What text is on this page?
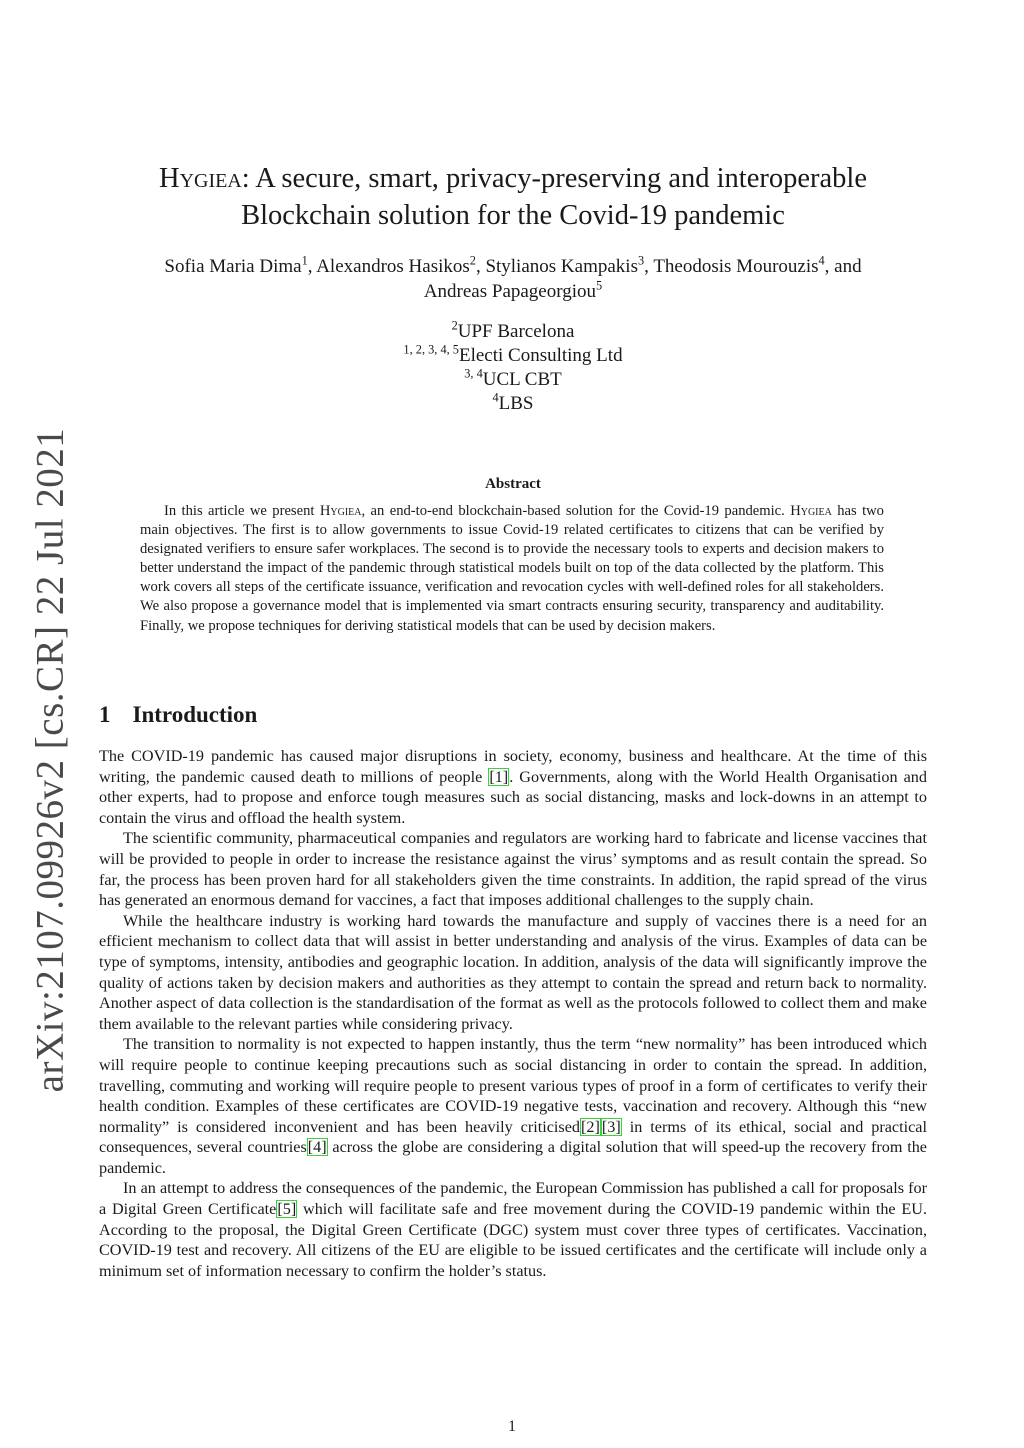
arXiv:2107.09926v2 [cs.CR] 22 Jul 2021
Hygiea: A secure, smart, privacy-preserving and interoperable
Blockchain solution for the Covid-19 pandemic
Sofia Maria Dima$^1$, Alexandros Hasikos$^2$, Stylianos Kampakis$^3$, Theodosis Mourouzis$^4$, and
Andreas Papageorgiou$^5$
$^2$UPF Barcelona
$^{1, 2, 3, 4, 5}$Electi Consulting Ltd
$^{3, 4}$UCL CBT
$^4$LBS
Abstract

In this article we present Hygiea, an end-to-end blockchain-based solution for the Covid-19 pandemic. Hygiea has two main objectives. The first is to allow governments to issue Covid-19 related certificates to citizens that can be verified by designated verifiers to ensure safer workplaces. The second is to provide the necessary tools to experts and decision makers to better understand the impact of the pandemic through statistical models built on top of the data collected by the platform. This work covers all steps of the certificate issuance, verification and revocation cycles with well-defined roles for all stakeholders. We also propose a governance model that is implemented via smart contracts ensuring security, transparency and auditability. Finally, we propose techniques for deriving statistical models that can be used by decision makers.

1 Introduction

The COVID-19 pandemic has caused major disruptions in society, economy, business and healthcare. At the time of this writing, the pandemic caused death to millions of people [1]. Governments, along with the World Health Organisation and other experts, had to propose and enforce tough measures such as social distancing, masks and lock-downs in an attempt to contain the virus and offload the health system.

The scientific community, pharmaceutical companies and regulators are working hard to fabricate and license vaccines that will be provided to people in order to increase the resistance against the virus’ symptoms and as result contain the spread. So far, the process has been proven hard for all stakeholders given the time constraints. In addition, the rapid spread of the virus has generated an enormous demand for vaccines, a fact that imposes additional challenges to the supply chain.

While the healthcare industry is working hard towards the manufacture and supply of vaccines there is a need for an efficient mechanism to collect data that will assist in better understanding and analysis of the virus. Examples of data can be type of symptoms, intensity, antibodies and geographic location. In addition, analysis of the data will significantly improve the quality of actions taken by decision makers and authorities as they attempt to contain the spread and return back to normality. Another aspect of data collection is the standardisation of the format as well as the protocols followed to collect them and make them available to the relevant parties while considering privacy.

The transition to normality is not expected to happen instantly, thus the term “new normality” has been introduced which will require people to continue keeping precautions such as social distancing in order to contain the spread. In addition, travelling, commuting and working will require people to present various types of proof in a form of certificates to verify their health condition. Examples of these certificates are COVID-19 negative tests, vaccination and recovery. Although this “new normality” is considered inconvenient and has been heavily criticised[2] [3] in terms of its ethical, social and practical consequences, several countries[4] across the globe are considering a digital solution that will speed-up the recovery from the pandemic.

In an attempt to address the consequences of the pandemic, the European Commission has published a call for proposals for a Digital Green Certificate[5] which will facilitate safe and free movement during the COVID-19 pandemic within the EU. According to the proposal, the Digital Green Certificate (DGC) system must cover three types of certificates. Vaccination, COVID-19 test and recovery. All citizens of the EU are eligible to be issued certificates and the certificate will include only a minimum set of information necessary to confirm the holder’s status.

1
